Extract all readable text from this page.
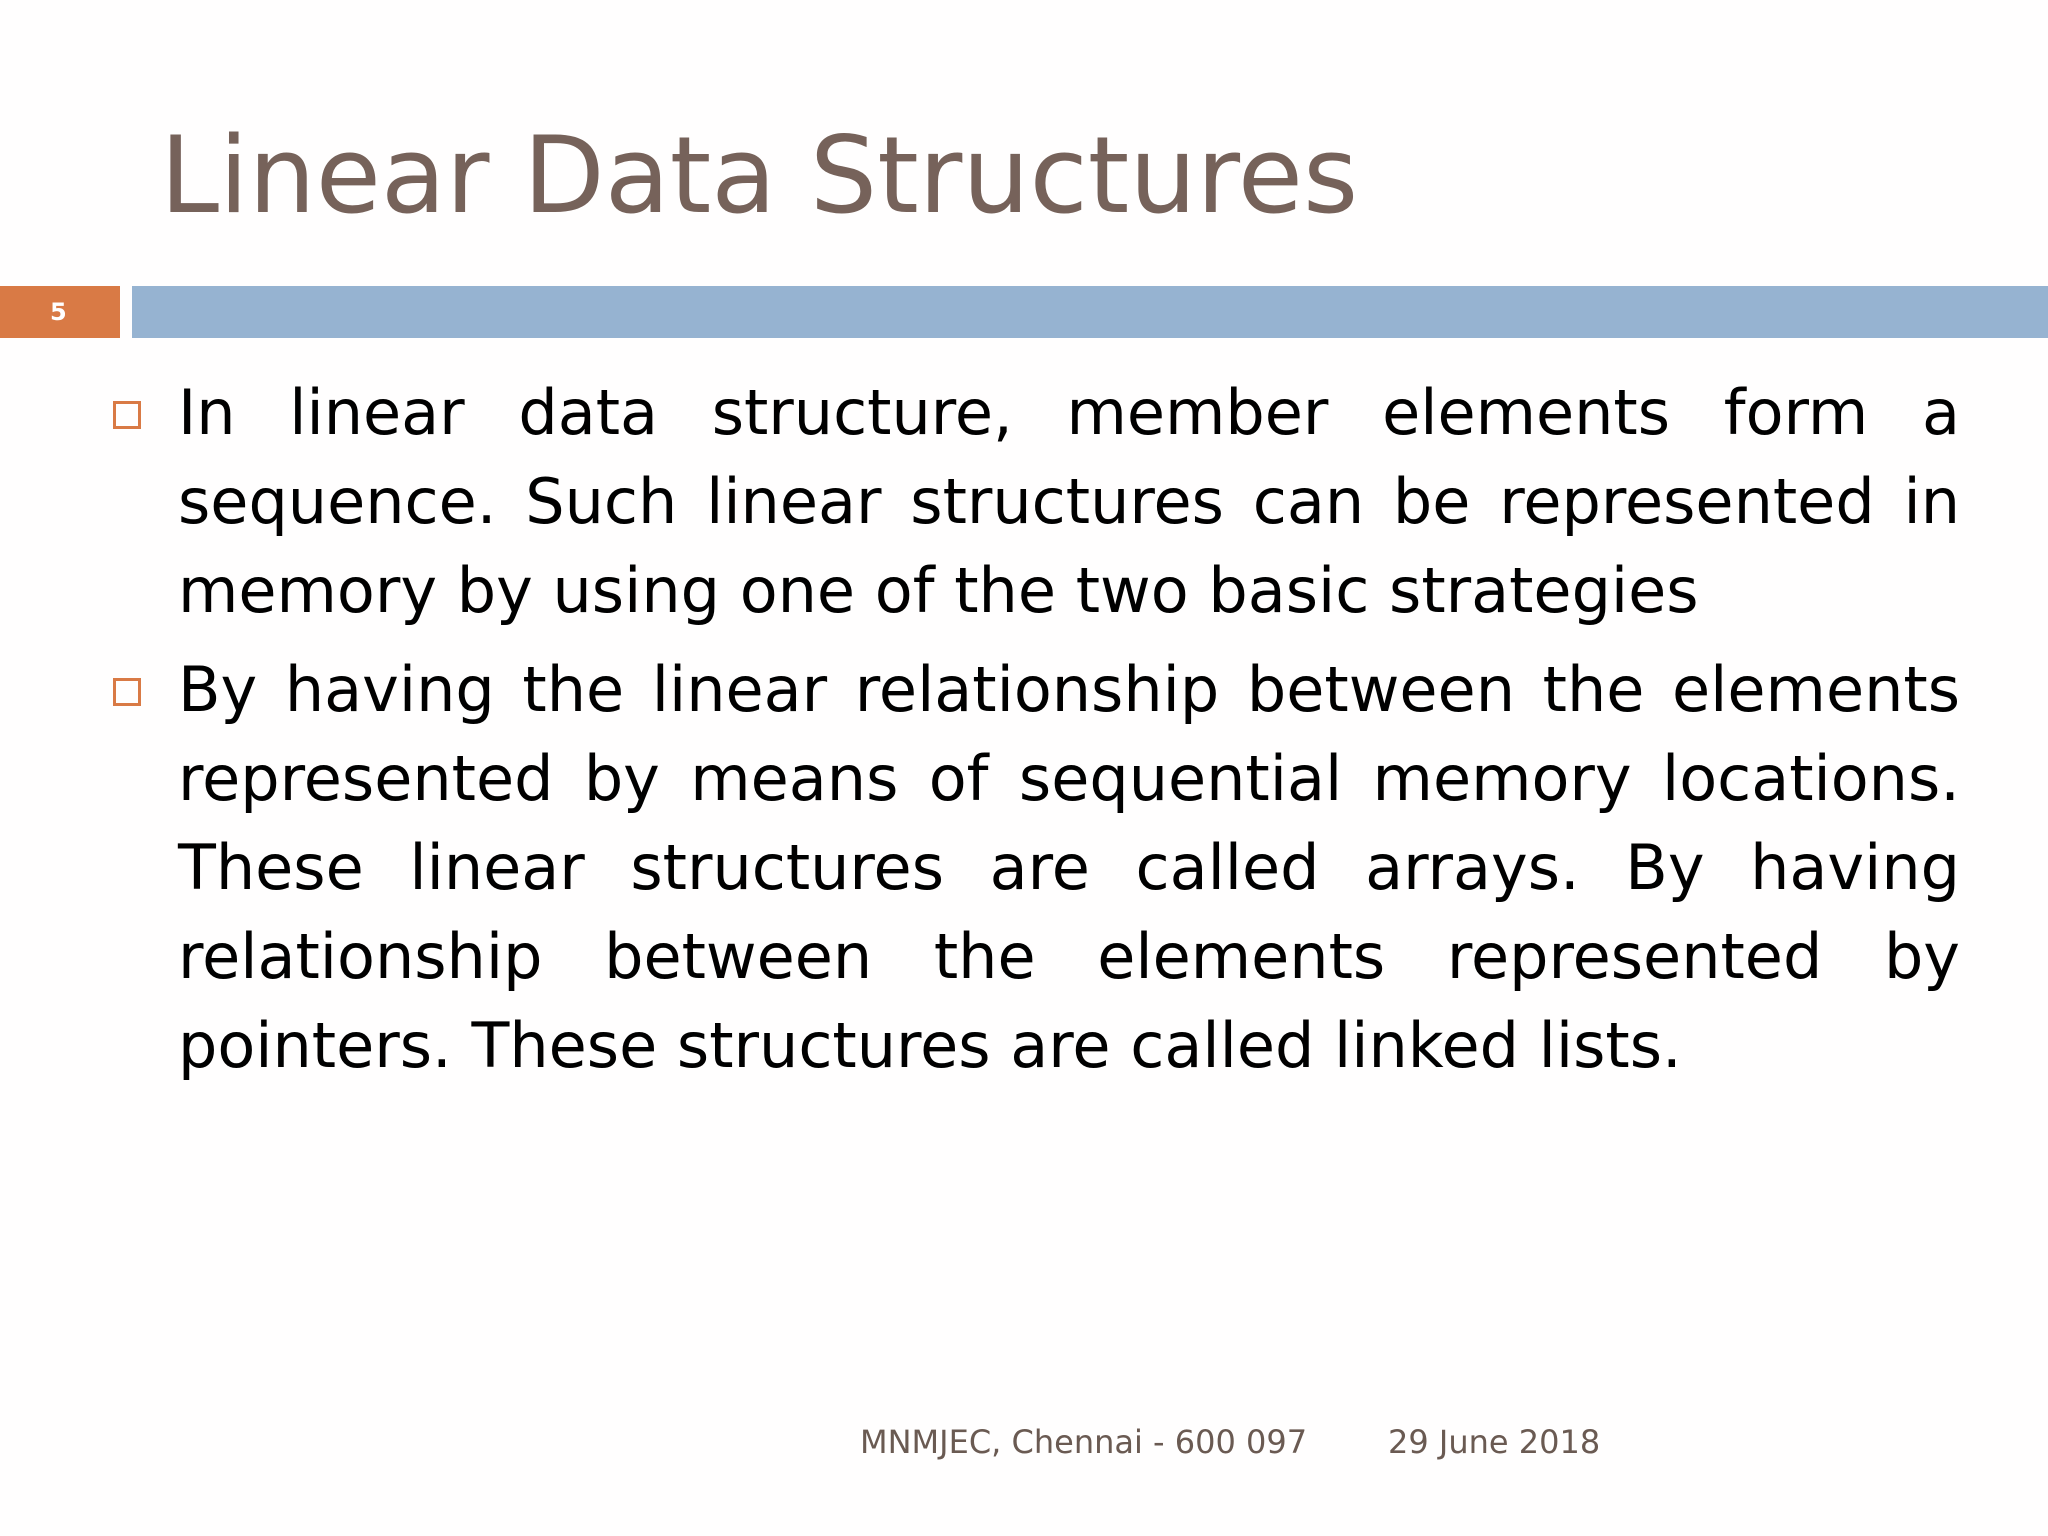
Linear Data Structures
5
In linear data structure, member elements form a sequence. Such linear structures can be represented in memory by using one of the two basic strategies
By having the linear relationship between the elements represented by means of sequential memory locations. These linear structures are called arrays. By having relationship between the elements represented by pointers. These structures are called linked lists.
MNMJEC, Chennai - 600 097	29 June 2018
